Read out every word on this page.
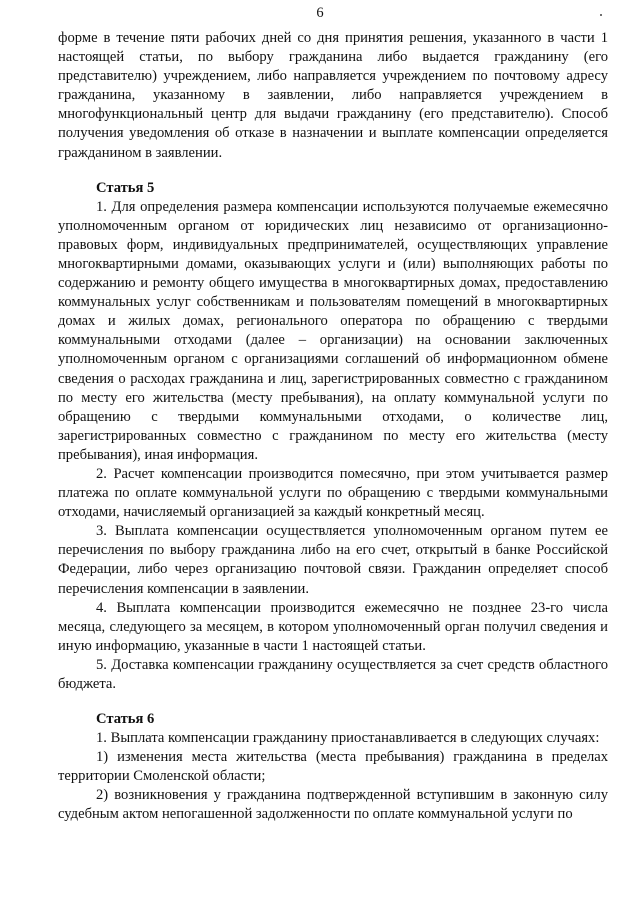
6

форме в течение пяти рабочих дней со дня принятия решения, указанного в части 1 настоящей статьи, по выбору гражданина либо выдается гражданину (его представителю) учреждением, либо направляется учреждением по почтовому адресу гражданина, указанному в заявлении, либо направляется учреждением в многофункциональный центр для выдачи гражданину (его представителю). Способ получения уведомления об отказе в назначении и выплате компенсации определяется гражданином в заявлении.

Статья 5

1. Для определения размера компенсации используются получаемые ежемесячно уполномоченным органом от юридических лиц независимо от организационно-правовых форм, индивидуальных предпринимателей, осуществляющих управление многоквартирными домами, оказывающих услуги и (или) выполняющих работы по содержанию и ремонту общего имущества в многоквартирных домах, предоставлению коммунальных услуг собственникам и пользователям помещений в многоквартирных домах и жилых домах, регионального оператора по обращению с твердыми коммунальными отходами (далее – организации) на основании заключенных уполномоченным органом с организациями соглашений об информационном обмене сведения о расходах гражданина и лиц, зарегистрированных совместно с гражданином по месту его жительства (месту пребывания), на оплату коммунальной услуги по обращению с твердыми коммунальными отходами, о количестве лиц, зарегистрированных совместно с гражданином по месту его жительства (месту пребывания), иная информация.

2. Расчет компенсации производится помесячно, при этом учитывается размер платежа по оплате коммунальной услуги по обращению с твердыми коммунальными отходами, начисляемый организацией за каждый конкретный месяц.

3. Выплата компенсации осуществляется уполномоченным органом путем ее перечисления по выбору гражданина либо на его счет, открытый в банке Российской Федерации, либо через организацию почтовой связи. Гражданин определяет способ перечисления компенсации в заявлении.

4. Выплата компенсации производится ежемесячно не позднее 23-го числа месяца, следующего за месяцем, в котором уполномоченный орган получил сведения и иную информацию, указанные в части 1 настоящей статьи.

5. Доставка компенсации гражданину осуществляется за счет средств областного бюджета.

Статья 6

1. Выплата компенсации гражданину приостанавливается в следующих случаях:

1) изменения места жительства (места пребывания) гражданина в пределах территории Смоленской области;

2) возникновения у гражданина подтвержденной вступившим в законную силу судебным актом непогашенной задолженности по оплате коммунальной услуги по
